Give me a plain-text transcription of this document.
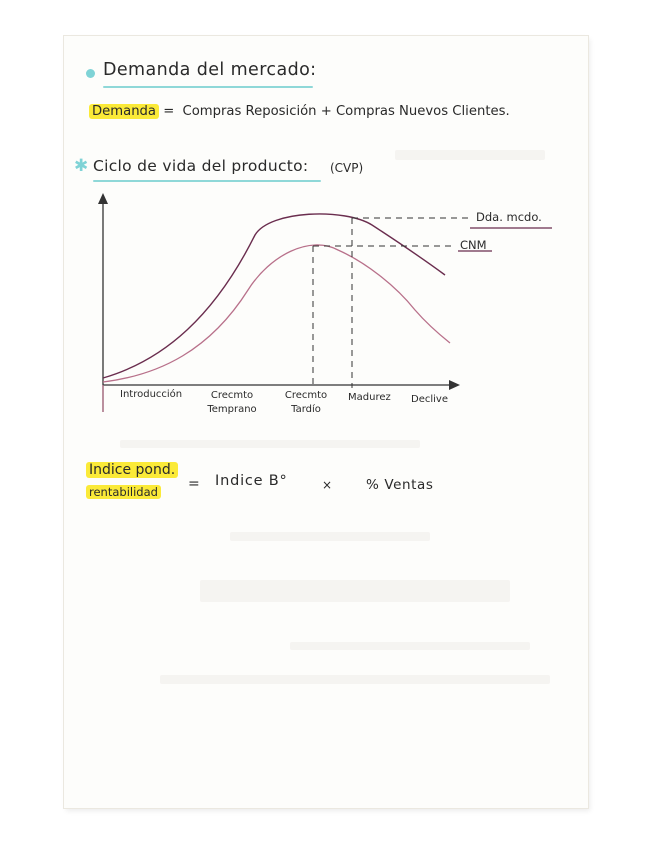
Demanda del mercado:
Demanda = Compras Reposición + Compras Nuevos Clientes.
✱ Ciclo de vida del producto: (CVP)
Dda. mcdo.
CNM
Introducción	Crecmto Temprano
Crecmto Tardío
Madurez Declive
Indice pond.
rentabilidad = Indice B°	×	% Ventas
